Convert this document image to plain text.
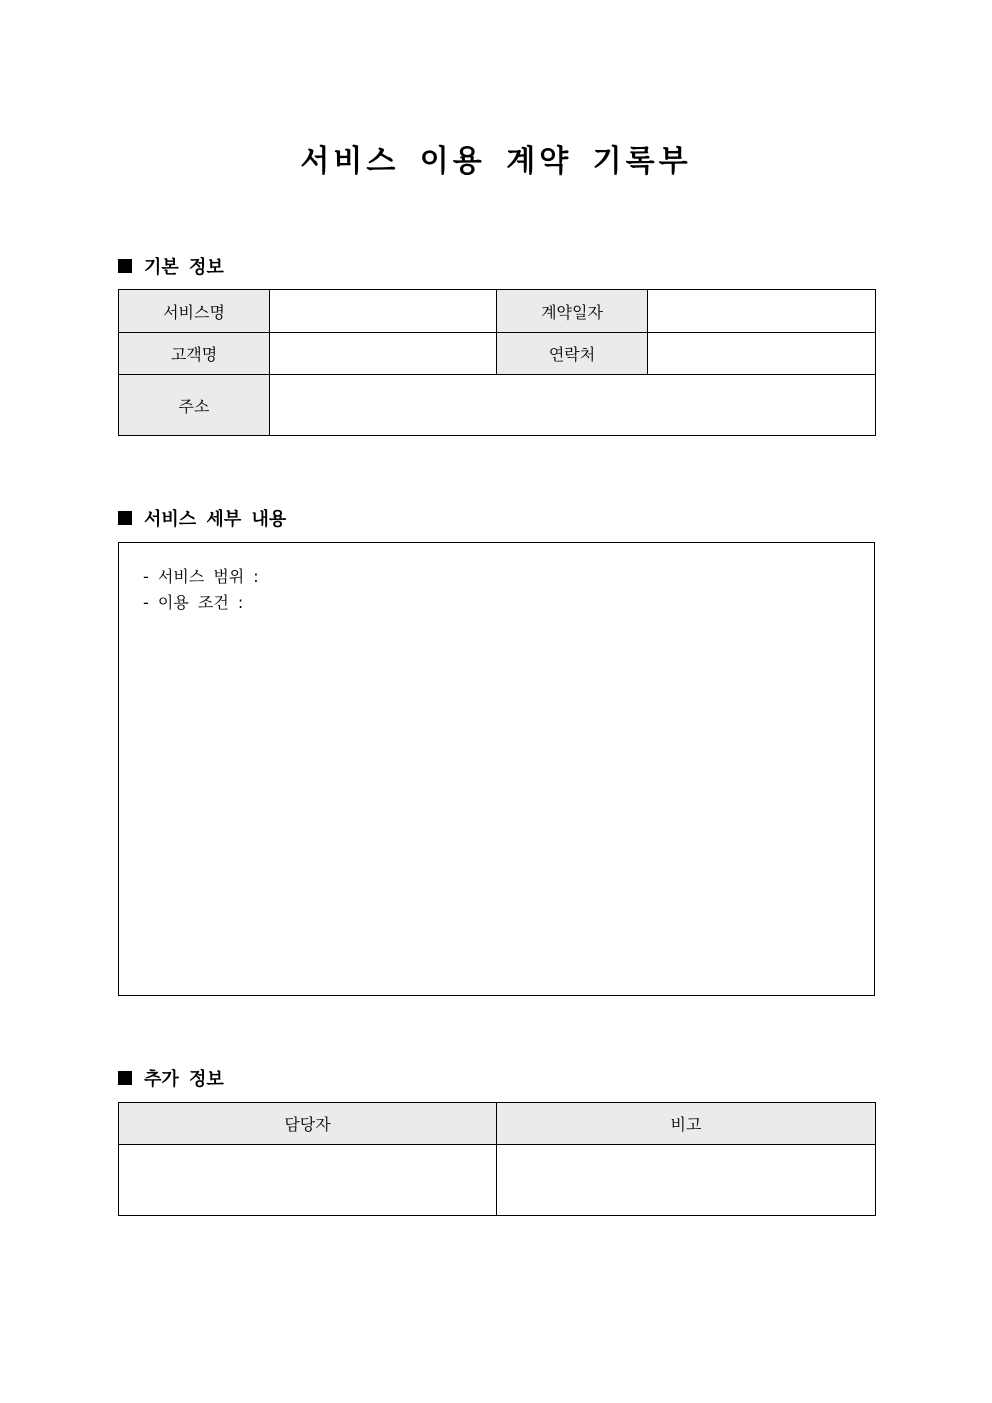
서비스 이용 계약 기록부
기본 정보
서비스명		계약일자	
고객명		연락처	
주소			
서비스 세부 내용
- 서비스 범위 :
- 이용 조건 :
추가 정보
담당자	비고
